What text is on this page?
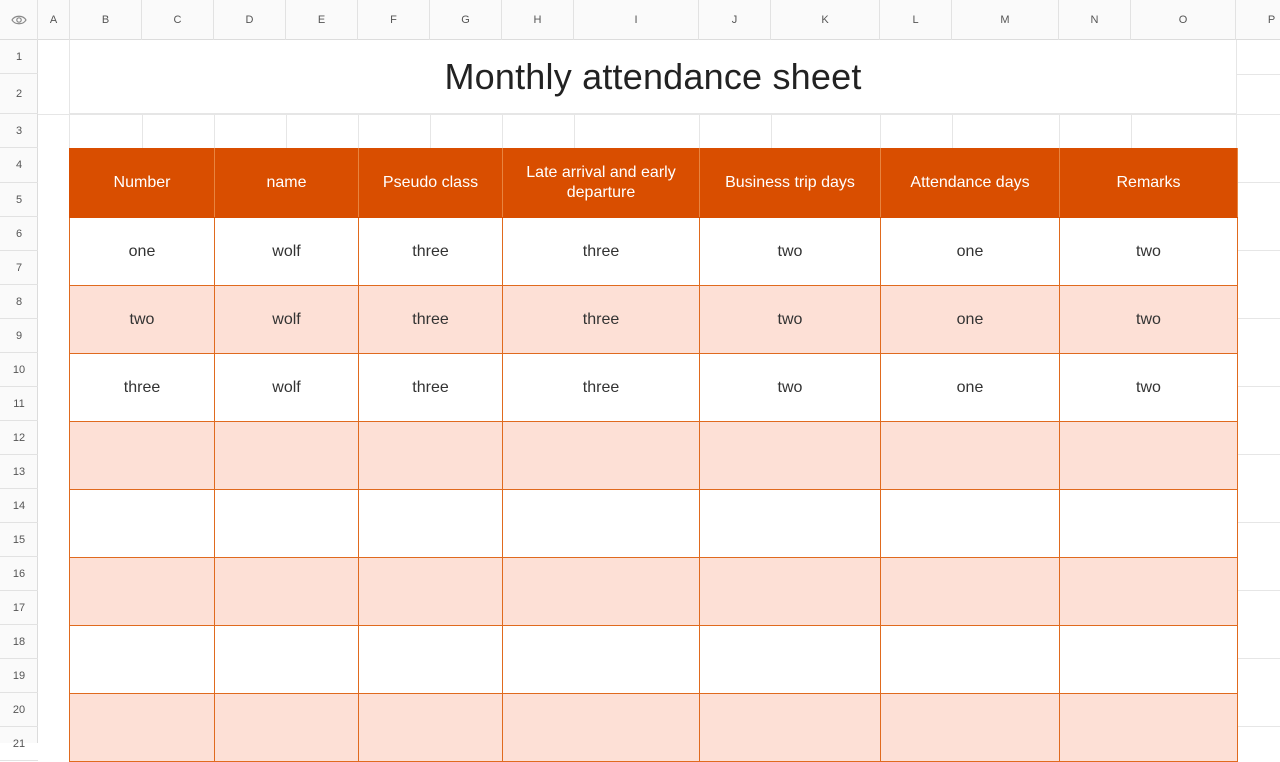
A	B	C	D	E	F	G	H	I	J	K	L	M	N	O	P
1
2
3
4
5
6
7
8
9
10
11
12
13
14
15
16
17
18
19
20
21
Monthly attendance sheet
Number	name	Pseudo class	Late arrival and early departure	Business trip days	Attendance days	Remarks
one	wolf	three	three	two	one	two
two	wolf	three	three	two	one	two
three	wolf	three	three	two	one	two
